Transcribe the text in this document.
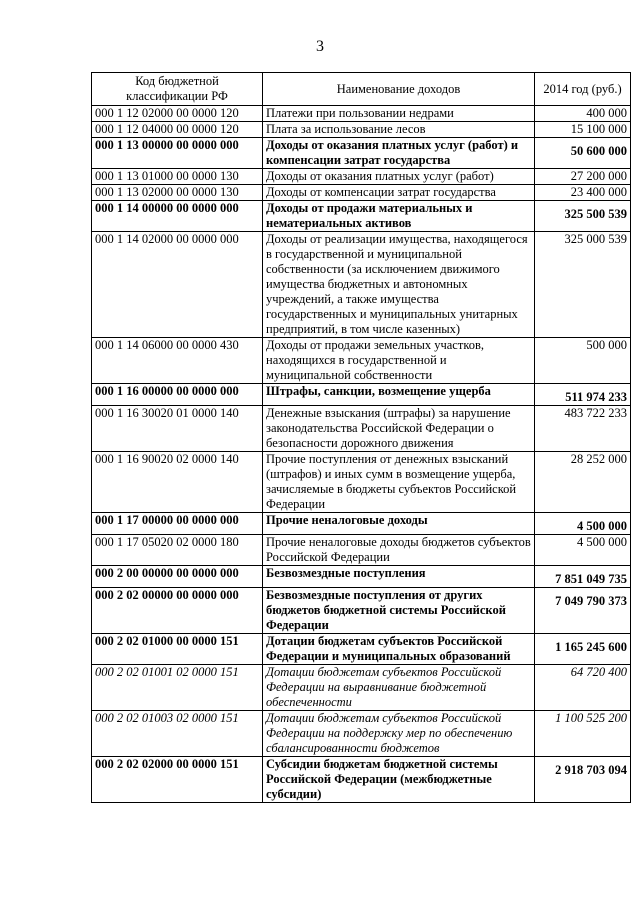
3
Код бюджетной классификации РФ	Наименование доходов	2014 год (руб.)
000 1 12 02000 00 0000 120	Платежи при пользовании недрами	400 000
000 1 12 04000 00 0000 120	Плата за использование лесов	15 100 000
000 1 13 00000 00 0000 000	Доходы от оказания платных услуг (работ) и компенсации затрат государства	50 600 000
000 1 13 01000 00 0000 130	Доходы от оказания платных услуг (работ)	27 200 000
000 1 13 02000 00 0000 130	Доходы от компенсации затрат государства	23 400 000
000 1 14 00000 00 0000 000	Доходы от продажи материальных и нематериальных активов	325 500 539
000 1 14 02000 00 0000 000	Доходы от реализации имущества, находящегося в государственной и муниципальной собственности (за исключением движимого имущества бюджетных и автономных учреждений, а также имущества государственных и муниципальных унитарных предприятий, в том числе казенных)	325 000 539
000 1 14 06000 00 0000 430	Доходы от продажи земельных участков, находящихся в государственной и муниципальной собственности	500 000
000 1 16 00000 00 0000 000	Штрафы, санкции, возмещение ущерба	511 974 233
000 1 16 30020 01 0000 140	Денежные взыскания (штрафы) за нарушение законодательства Российской Федерации о безопасности дорожного движения	483 722 233
000 1 16 90020 02 0000 140	Прочие поступления от денежных взысканий (штрафов) и иных сумм в возмещение ущерба, зачисляемые в бюджеты субъектов Российской Федерации	28 252 000
000 1 17 00000 00 0000 000	Прочие неналоговые доходы	4 500 000
000 1 17 05020 02 0000 180	Прочие неналоговые доходы бюджетов субъектов Российской Федерации	4 500 000
000 2 00 00000 00 0000 000	Безвозмездные поступления	7 851 049 735
000 2 02 00000 00 0000 000	Безвозмездные поступления от других бюджетов бюджетной системы Российской Федерации	7 049 790 373
000 2 02 01000 00 0000 151	Дотации бюджетам субъектов Российской Федерации и муниципальных образований	1 165 245 600
000 2 02 01001 02 0000 151	Дотации бюджетам субъектов Российской Федерации на выравнивание бюджетной обеспеченности	64 720 400
000 2 02 01003 02 0000 151	Дотации бюджетам субъектов Российской Федерации на поддержку мер по обеспечению сбалансированности бюджетов	1 100 525 200
000 2 02 02000 00 0000 151	Субсидии бюджетам бюджетной системы Российской Федерации (межбюджетные субсидии)	2 918 703 094
